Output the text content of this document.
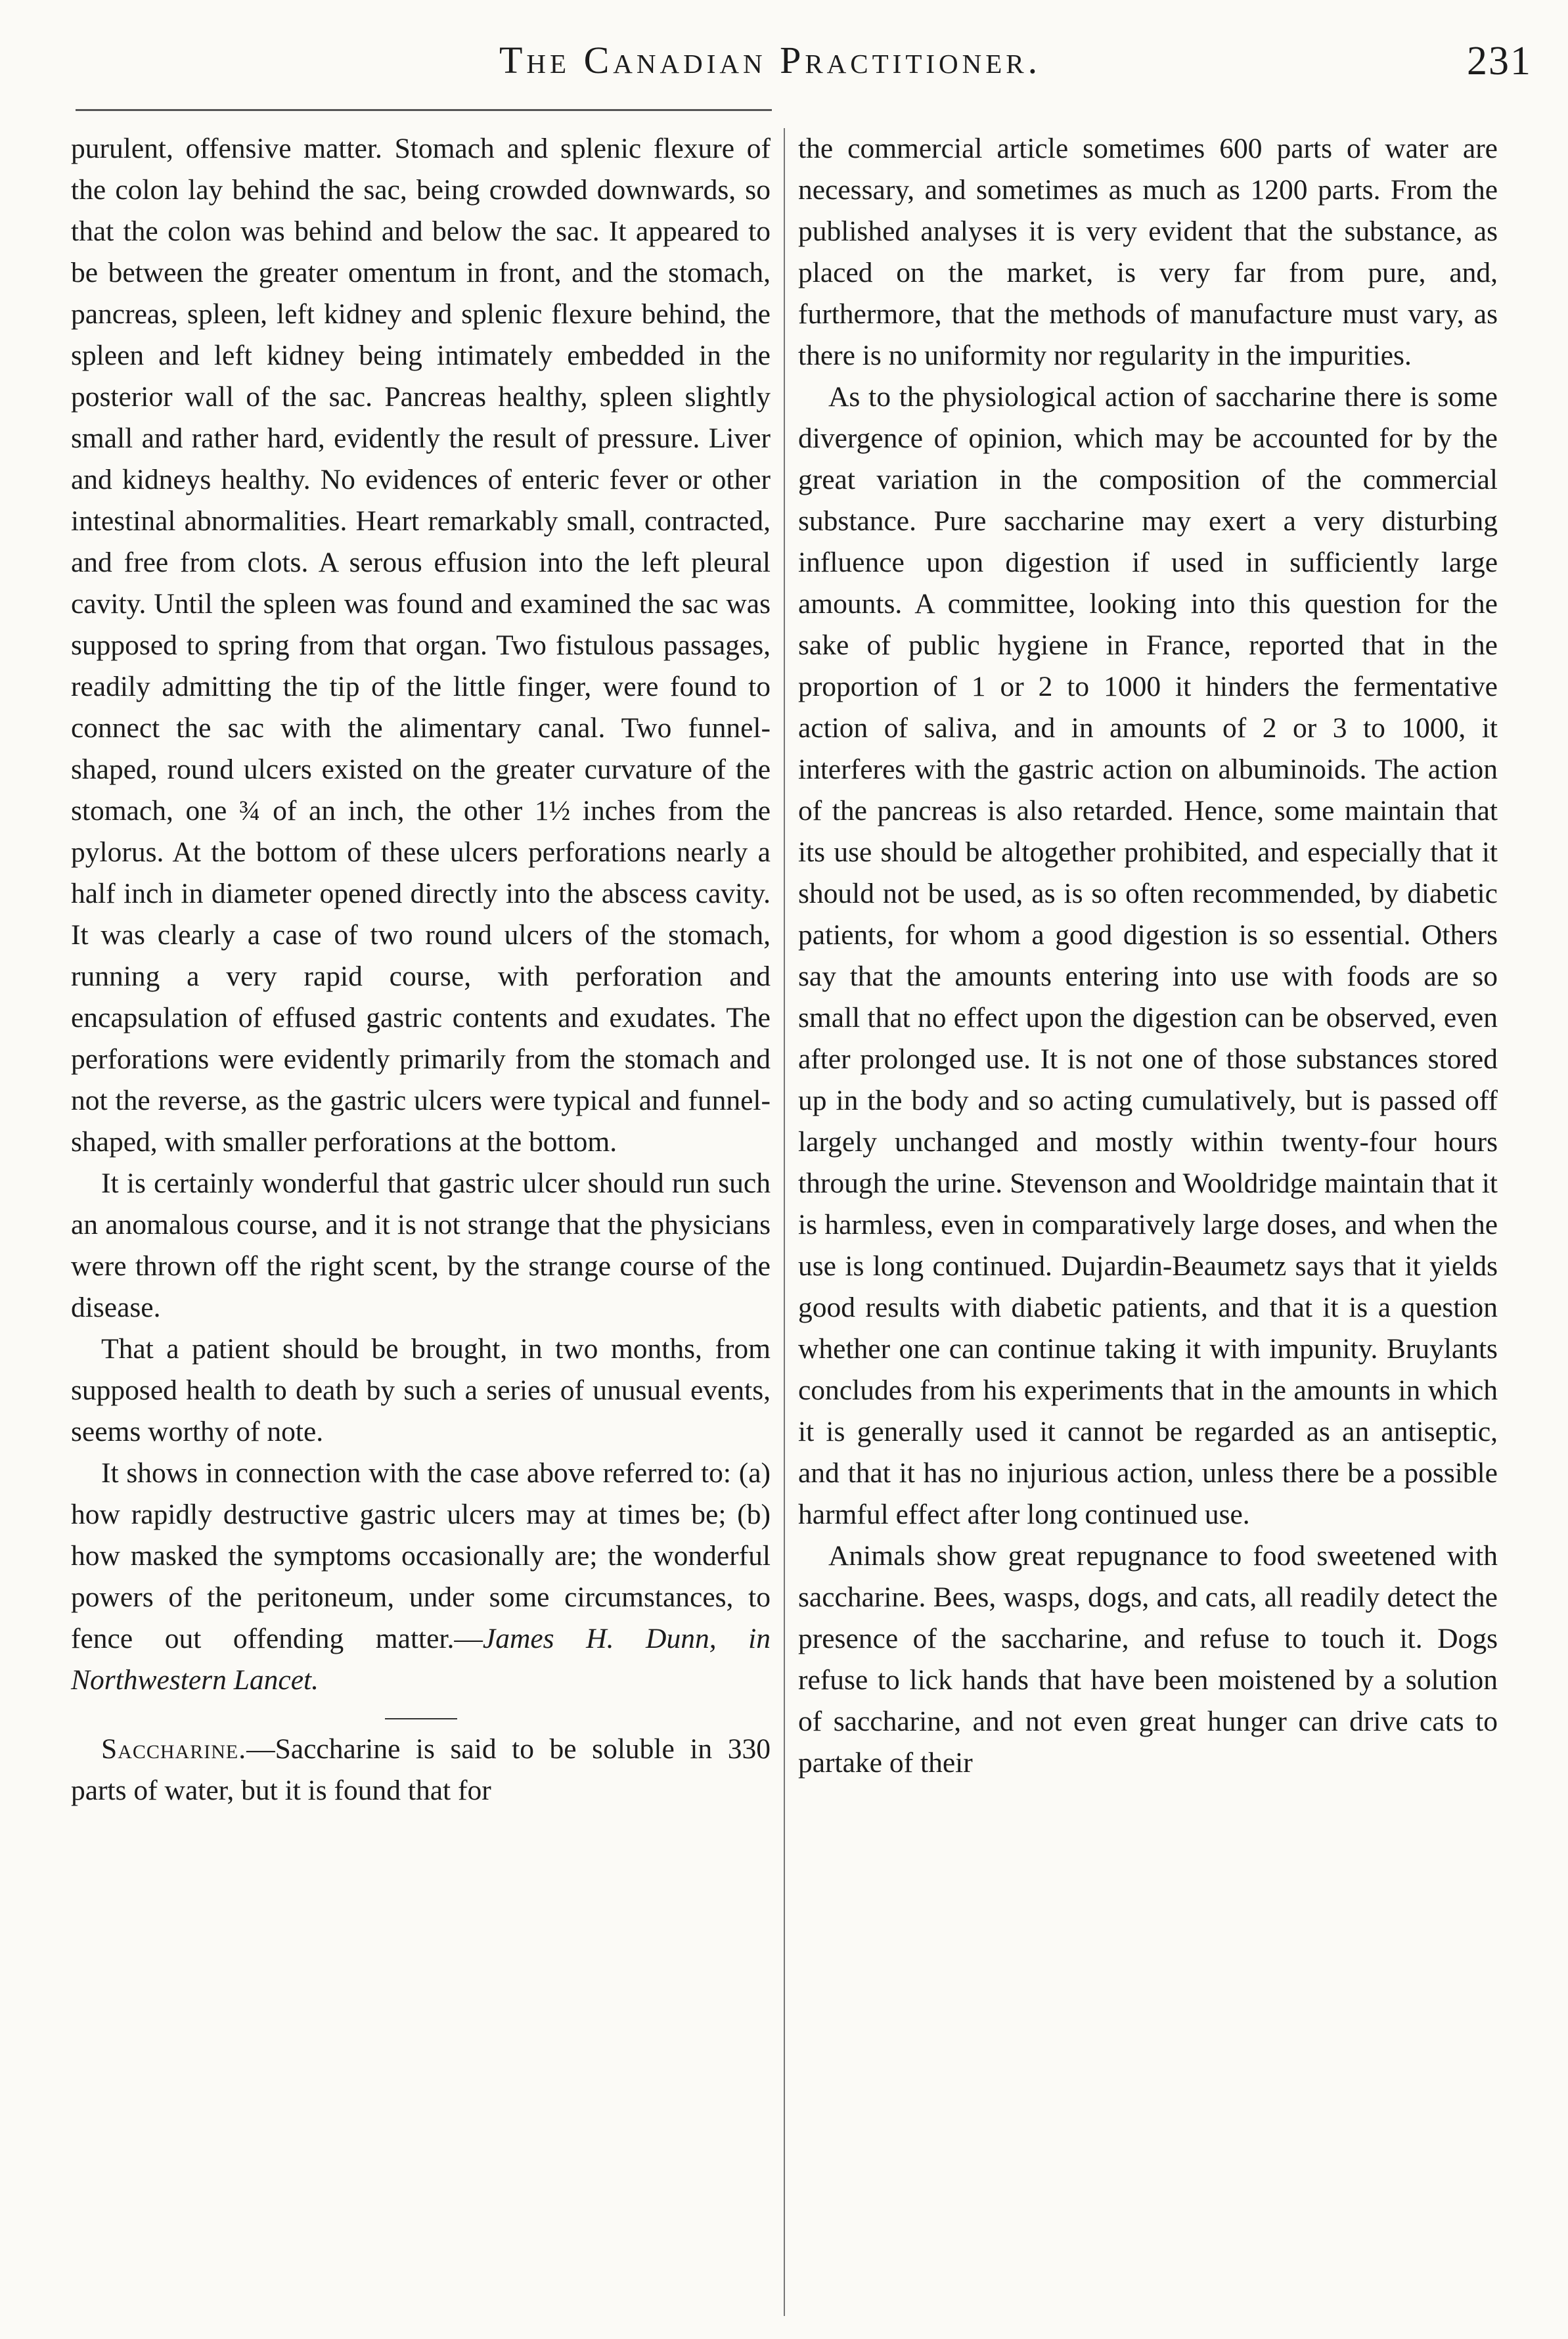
The Canadian Practitioner.	231

purulent, offensive matter. Stomach and splenic flexure of the colon lay behind the sac, being crowded downwards, so that the colon was behind and below the sac. It appeared to be between the greater omentum in front, and the stomach, pancreas, spleen, left kidney and splenic flexure behind, the spleen and left kidney being intimately embedded in the posterior wall of the sac. Pancreas healthy, spleen slightly small and rather hard, evidently the result of pressure. Liver and kidneys healthy. No evidences of enteric fever or other intestinal abnormalities. Heart remarkably small, contracted, and free from clots. A serous effusion into the left pleural cavity. Until the spleen was found and examined the sac was supposed to spring from that organ. Two fistulous passages, readily admitting the tip of the little finger, were found to connect the sac with the alimentary canal. Two funnel-shaped, round ulcers existed on the greater curvature of the stomach, one ¾ of an inch, the other 1½ inches from the pylorus. At the bottom of these ulcers perforations nearly a half inch in diameter opened directly into the abscess cavity. It was clearly a case of two round ulcers of the stomach, running a very rapid course, with perforation and encapsulation of effused gastric contents and exudates. The perforations were evidently primarily from the stomach and not the reverse, as the gastric ulcers were typical and funnel-shaped, with smaller perforations at the bottom.

It is certainly wonderful that gastric ulcer should run such an anomalous course, and it is not strange that the physicians were thrown off the right scent, by the strange course of the disease.

That a patient should be brought, in two months, from supposed health to death by such a series of unusual events, seems worthy of note.

It shows in connection with the case above referred to: (a) how rapidly destructive gastric ulcers may at times be; (b) how masked the symptoms occasionally are; the wonderful powers of the peritoneum, under some circumstances, to fence out offending matter.—James H. Dunn, in Northwestern Lancet.

Saccharine.—Saccharine is said to be soluble in 330 parts of water, but it is found that for

the commercial article sometimes 600 parts of water are necessary, and sometimes as much as 1200 parts. From the published analyses it is very evident that the substance, as placed on the market, is very far from pure, and, furthermore, that the methods of manufacture must vary, as there is no uniformity nor regularity in the impurities.

As to the physiological action of saccharine there is some divergence of opinion, which may be accounted for by the great variation in the composition of the commercial substance. Pure saccharine may exert a very disturbing influence upon digestion if used in sufficiently large amounts. A committee, looking into this question for the sake of public hygiene in France, reported that in the proportion of 1 or 2 to 1000 it hinders the fermentative action of saliva, and in amounts of 2 or 3 to 1000, it interferes with the gastric action on albuminoids. The action of the pancreas is also retarded. Hence, some maintain that its use should be altogether prohibited, and especially that it should not be used, as is so often recommended, by diabetic patients, for whom a good digestion is so essential. Others say that the amounts entering into use with foods are so small that no effect upon the digestion can be observed, even after prolonged use. It is not one of those substances stored up in the body and so acting cumulatively, but is passed off largely unchanged and mostly within twenty-four hours through the urine. Stevenson and Wooldridge maintain that it is harmless, even in comparatively large doses, and when the use is long continued. Dujardin-Beaumetz says that it yields good results with diabetic patients, and that it is a question whether one can continue taking it with impunity. Bruylants concludes from his experiments that in the amounts in which it is generally used it cannot be regarded as an antiseptic, and that it has no injurious action, unless there be a possible harmful effect after long continued use.

Animals show great repugnance to food sweetened with saccharine. Bees, wasps, dogs, and cats, all readily detect the presence of the saccharine, and refuse to touch it. Dogs refuse to lick hands that have been moistened by a solution of saccharine, and not even great hunger can drive cats to partake of their
